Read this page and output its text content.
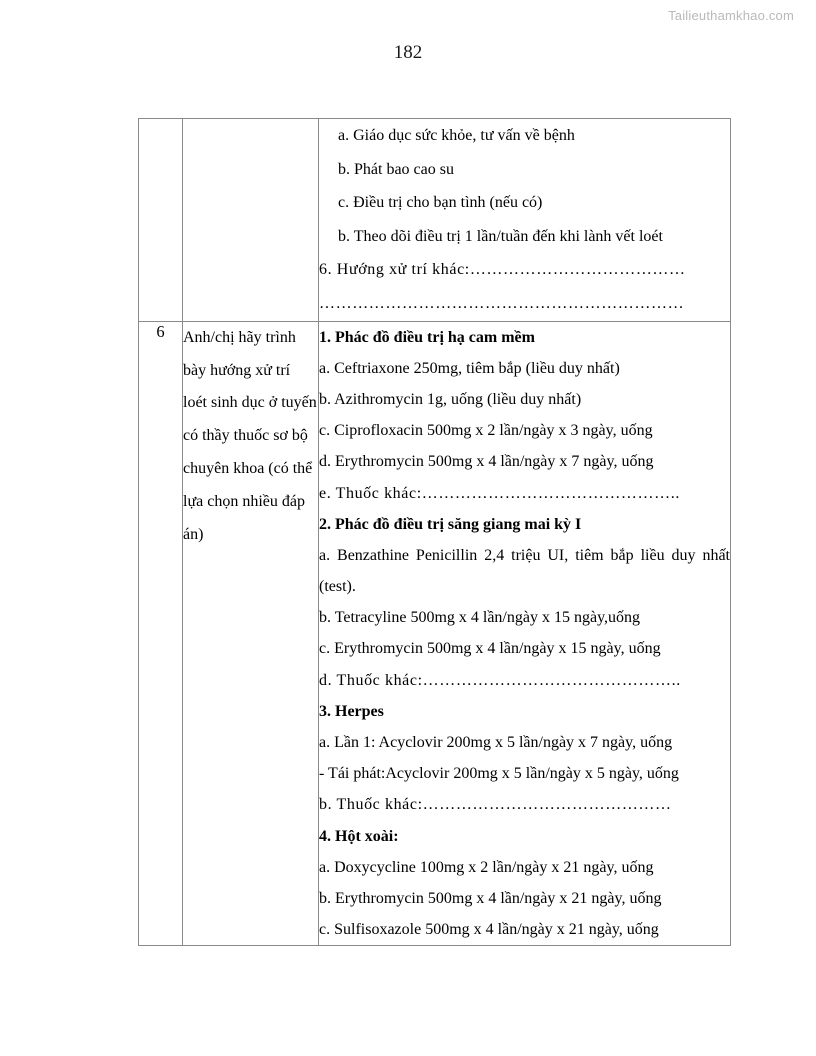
Tailieuthamkhao.com
182

a. Giáo dục sức khỏe, tư vấn về bệnh

b. Phát bao cao su

c. Điều trị cho bạn tình (nếu có)

b. Theo dõi điều trị 1 lần/tuần đến khi lành vết loét

6. Hướng xử trí khác:…………………………………

…………………………………………………………

6	Anh/chị hãy trình bày hướng xử trí loét sinh dục ở tuyến có thầy thuốc sơ bộ chuyên khoa (có thể lựa chọn nhiều đáp án)

1. Phác đồ điều trị hạ cam mềm

a. Ceftriaxone 250mg, tiêm bắp (liều duy nhất)

b. Azithromycin 1g, uống (liều duy nhất)

c. Ciprofloxacin 500mg x 2 lần/ngày x 3 ngày, uống

d. Erythromycin 500mg x 4 lần/ngày x 7 ngày, uống

e. Thuốc khác:………………………………………..

2. Phác đồ điều trị săng giang mai kỳ I

a. Benzathine Penicillin 2,4 triệu UI, tiêm bắp liều duy nhất (test).

b. Tetracyline 500mg x 4 lần/ngày x 15 ngày,uống

c. Erythromycin 500mg x 4 lần/ngày x 15 ngày, uống

d. Thuốc khác:………………………………………..

3. Herpes

a. Lần 1: Acyclovir 200mg x 5 lần/ngày x 7 ngày, uống

- Tái phát:Acyclovir 200mg x 5 lần/ngày x 5 ngày, uống

b. Thuốc khác:………………………………………

4. Hột xoài:

a. Doxycycline 100mg x 2 lần/ngày x 21 ngày, uống

b. Erythromycin 500mg x 4 lần/ngày x 21 ngày, uống

c. Sulfisoxazole 500mg x 4 lần/ngày x 21 ngày, uống
